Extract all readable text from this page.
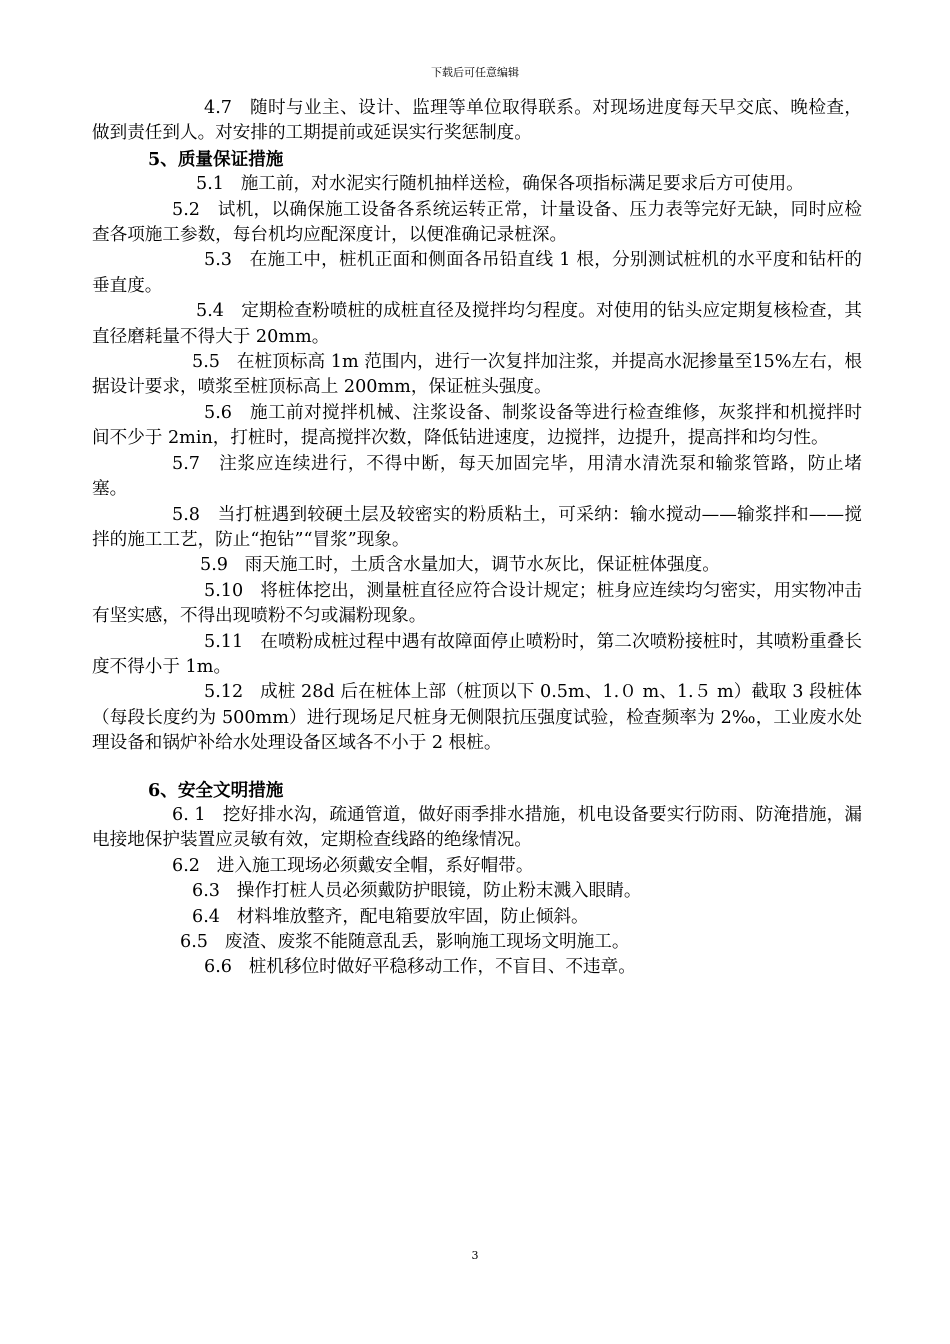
下载后可任意编辑

4.7 随时与业主、设计、监理等单位取得联系。对现场进度每天早交底、晚检查，做到责任到人。对安排的工期提前或延误实行奖惩制度。

5、质量保证措施

5.1 施工前，对水泥实行随机抽样送检，确保各项指标满足要求后方可使用。

5.2 试机，以确保施工设备各系统运转正常，计量设备、压力表等完好无缺，同时应检查各项施工参数，每台机均应配深度计，以便准确记录桩深。

5.3 在施工中，桩机正面和侧面各吊铅直线 1 根，分别测试桩机的水平度和钻杆的垂直度。

5.4 定期检查粉喷桩的成桩直径及搅拌均匀程度。对使用的钻头应定期复核检查，其直径磨耗量不得大于 20mm。

5.5 在桩顶标高 1m 范围内，进行一次复拌加注浆，并提高水泥掺量至15%左右，根据设计要求，喷浆至桩顶标高上 200mm，保证桩头强度。

5.6 施工前对搅拌机械、注浆设备、制浆设备等进行检查维修，灰浆拌和机搅拌时间不少于 2min，打桩时，提高搅拌次数，降低钻进速度，边搅拌，边提升，提高拌和均匀性。

5.7 注浆应连续进行，不得中断，每天加固完毕，用清水清洗泵和输浆管路，防止堵塞。

5.8 当打桩遇到较硬土层及较密实的粉质粘土，可采纳：输水搅动——输浆拌和——搅拌的施工工艺，防止“抱钻”“冒浆”现象。

5.9 雨天施工时，土质含水量加大，调节水灰比，保证桩体强度。

5.10 将桩体挖出，测量桩直径应符合设计规定；桩身应连续均匀密实，用实物冲击有坚实感，不得出现喷粉不匀或漏粉现象。

5.11 在喷粉成桩过程中遇有故障面停止喷粉时，第二次喷粉接桩时，其喷粉重叠长度不得小于 1m。

5.12 成桩 28d 后在桩体上部（桩顶以下 0.5m、1.０ m、1.５ m）截取 3 段桩体（每段长度约为 500mm）进行现场足尺桩身无侧限抗压强度试验，检查频率为 2‰，工业废水处理设备和锅炉补给水处理设备区域各不小于 2 根桩。

6、安全文明措施

6. 1 挖好排水沟，疏通管道，做好雨季排水措施，机电设备要实行防雨、防淹措施，漏电接地保护装置应灵敏有效，定期检查线路的绝缘情况。

6.2 进入施工现场必须戴安全帽，系好帽带。

6.3 操作打桩人员必须戴防护眼镜，防止粉末溅入眼睛。

6.4 材料堆放整齐，配电箱要放牢固，防止倾斜。

6.5 废渣、废浆不能随意乱丢，影响施工现场文明施工。

6.6 桩机移位时做好平稳移动工作，不盲目、不违章。

3
